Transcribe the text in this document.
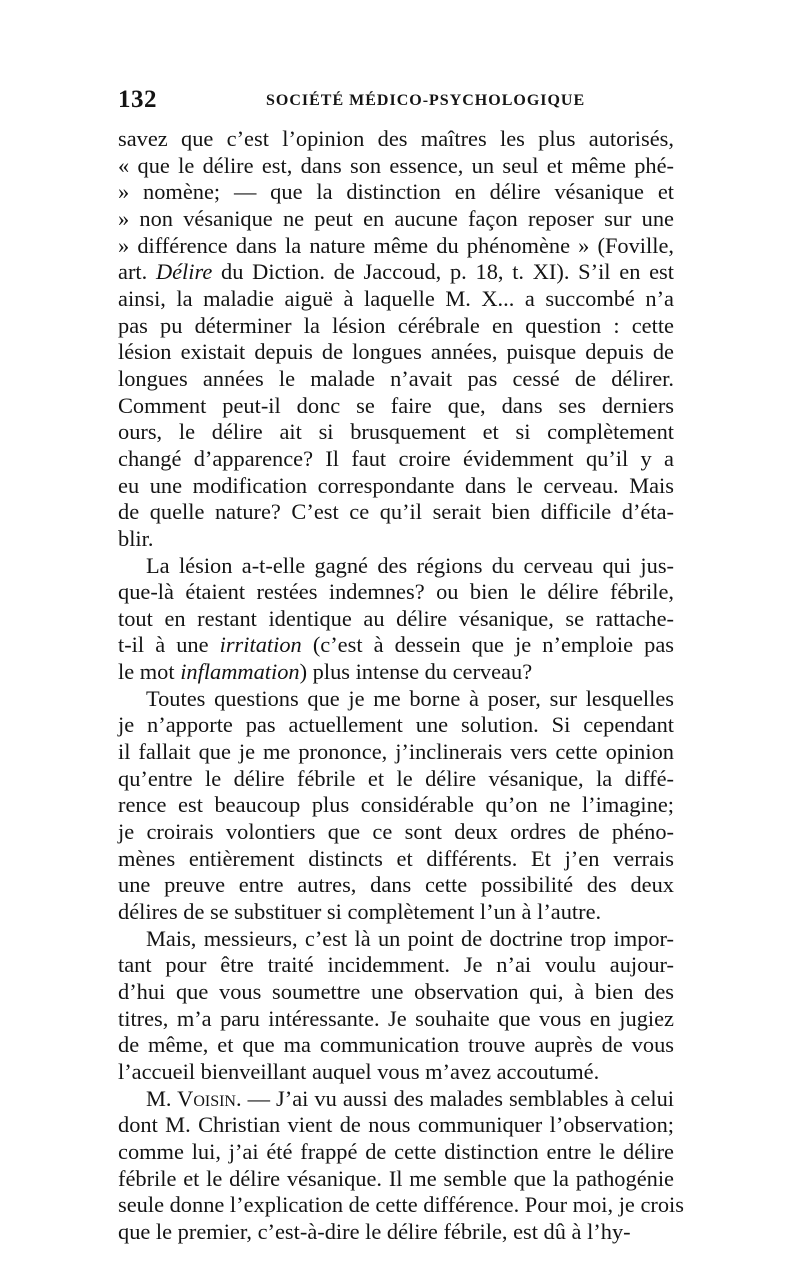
132	SOCIÉTÉ MÉDICO-PSYCHOLOGIQUE
savez que c’est l’opinion des maîtres les plus autorisés,
« que le délire est, dans son essence, un seul et même phé-
» nomène; — que la distinction en délire vésanique et
» non vésanique ne peut en aucune façon reposer sur une
» différence dans la nature même du phénomène » (Foville,
art. Délire du Diction. de Jaccoud, p. 18, t. XI). S’il en est
ainsi, la maladie aiguë à laquelle M. X... a succombé n’a
pas pu déterminer la lésion cérébrale en question : cette
lésion existait depuis de longues années, puisque depuis de
longues années le malade n’avait pas cessé de délirer.
Comment peut-il donc se faire que, dans ses derniers
ours, le délire ait si brusquement et si complètement
changé d’apparence? Il faut croire évidemment qu’il y a
eu une modification correspondante dans le cerveau. Mais
de quelle nature? C’est ce qu’il serait bien difficile d’éta-
blir.
La lésion a-t-elle gagné des régions du cerveau qui jus-
que-là étaient restées indemnes? ou bien le délire fébrile,
tout en restant identique au délire vésanique, se rattache-
t-il à une irritation (c’est à dessein que je n’emploie pas
le mot inflammation) plus intense du cerveau?
Toutes questions que je me borne à poser, sur lesquelles
je n’apporte pas actuellement une solution. Si cependant
il fallait que je me prononce, j’inclinerais vers cette opinion
qu’entre le délire fébrile et le délire vésanique, la diffé-
rence est beaucoup plus considérable qu’on ne l’imagine;
je croirais volontiers que ce sont deux ordres de phéno-
mènes entièrement distincts et différents. Et j’en verrais
une preuve entre autres, dans cette possibilité des deux
délires de se substituer si complètement l’un à l’autre.
Mais, messieurs, c’est là un point de doctrine trop impor-
tant pour être traité incidemment. Je n’ai voulu aujour-
d’hui que vous soumettre une observation qui, à bien des
titres, m’a paru intéressante. Je souhaite que vous en jugiez
de même, et que ma communication trouve auprès de vous
l’accueil bienveillant auquel vous m’avez accoutumé.
M. Voisin. — J’ai vu aussi des malades semblables à celui
dont M. Christian vient de nous communiquer l’observation;
comme lui, j’ai été frappé de cette distinction entre le délire
fébrile et le délire vésanique. Il me semble que la pathogénie
seule donne l’explication de cette différence. Pour moi, je crois
que le premier, c’est-à-dire le délire fébrile, est dû à l’hy-
